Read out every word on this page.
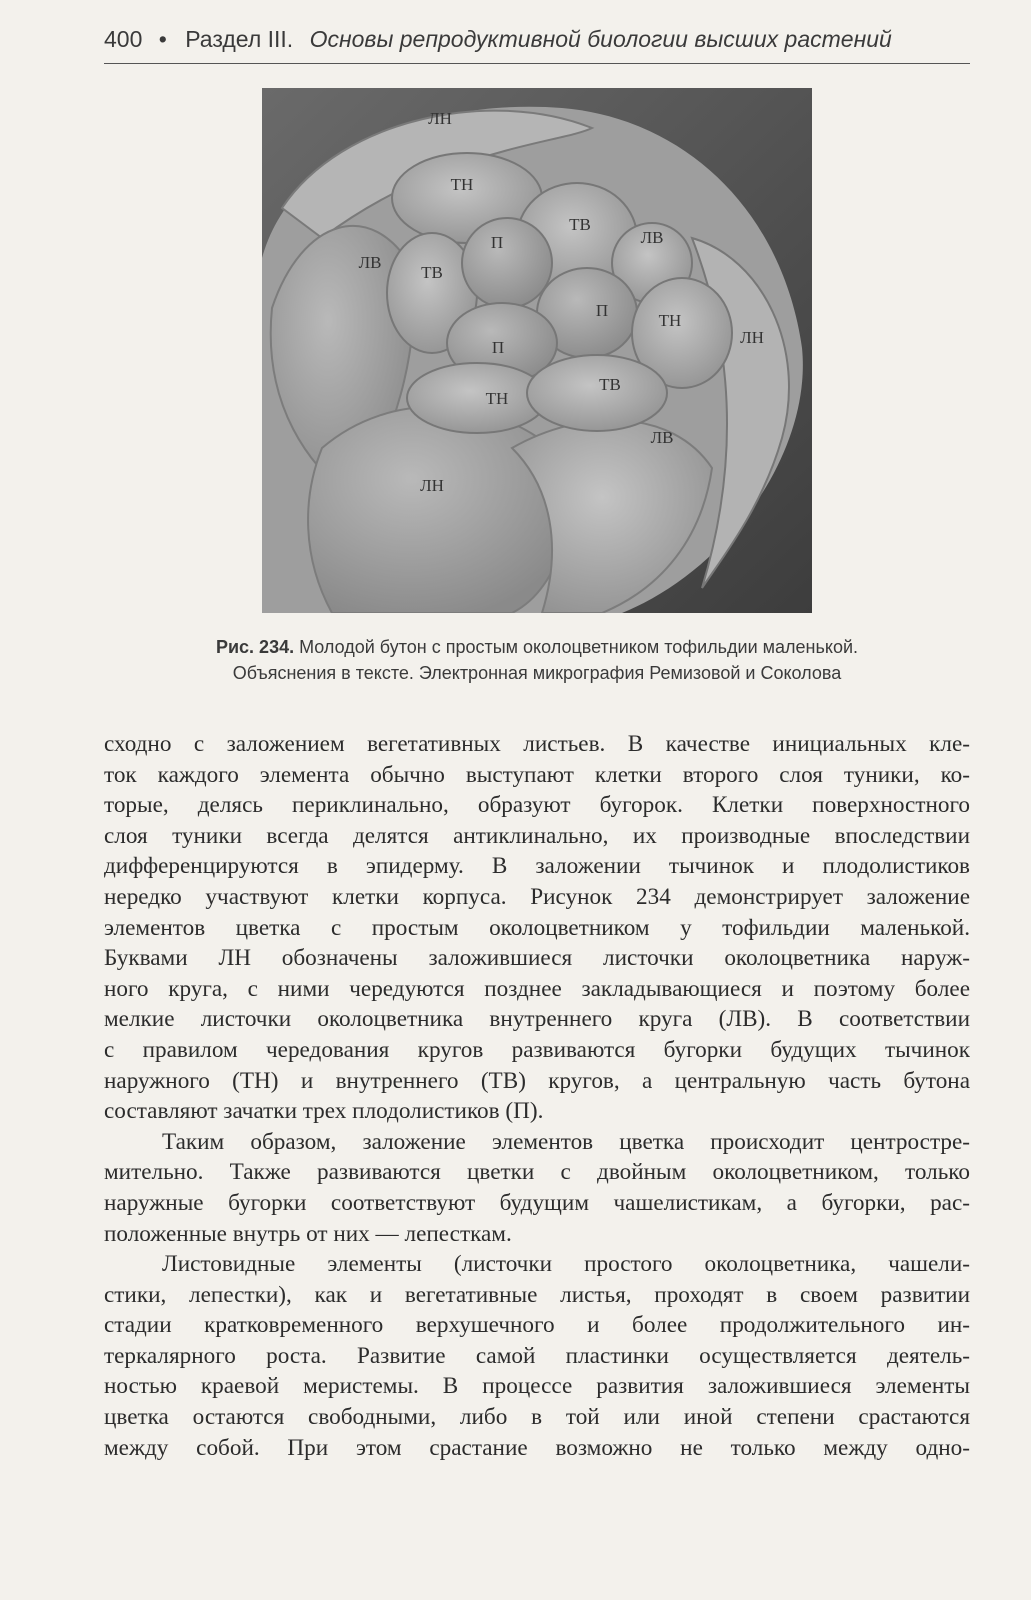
400 • Раздел III. Основы репродуктивной биологии высших растений
ЛН
ТН
ТВ
ЛВ
ЛВ
ТВ
П
П
П
ТН
ЛН
ТН
ТВ
ЛВ
ЛН
Рис. 234. Молодой бутон с простым околоцветником тофильдии маленькой.
Объяснения в тексте. Электронная микрография Ремизовой и Соколова
сходно с заложением вегетативных листьев. В качестве инициальных кле-
ток каждого элемента обычно выступают клетки второго слоя туники, ко-
торые, делясь периклинально, образуют бугорок. Клетки поверхностного
слоя туники всегда делятся антиклинально, их производные впоследствии
дифференцируются в эпидерму. В заложении тычинок и плодолистиков
нередко участвуют клетки корпуса. Рисунок 234 демонстрирует заложение
элементов цветка с простым околоцветником у тофильдии маленькой.
Буквами ЛН обозначены заложившиеся листочки околоцветника наруж-
ного круга, с ними чередуются позднее закладывающиеся и поэтому более
мелкие листочки околоцветника внутреннего круга (ЛВ). В соответствии
с правилом чередования кругов развиваются бугорки будущих тычинок
наружного (ТН) и внутреннего (ТВ) кругов, а центральную часть бутона
составляют зачатки трех плодолистиков (П).
Таким образом, заложение элементов цветка происходит центростре-
мительно. Также развиваются цветки с двойным околоцветником, только
наружные бугорки соответствуют будущим чашелистикам, а бугорки, рас-
положенные внутрь от них — лепесткам.
Листовидные элементы (листочки простого околоцветника, чашели-
стики, лепестки), как и вегетативные листья, проходят в своем развитии
стадии кратковременного верхушечного и более продолжительного ин-
теркалярного роста. Развитие самой пластинки осуществляется деятель-
ностью краевой меристемы. В процессе развития заложившиеся элементы
цветка остаются свободными, либо в той или иной степени срастаются
между собой. При этом срастание возможно не только между одно-
